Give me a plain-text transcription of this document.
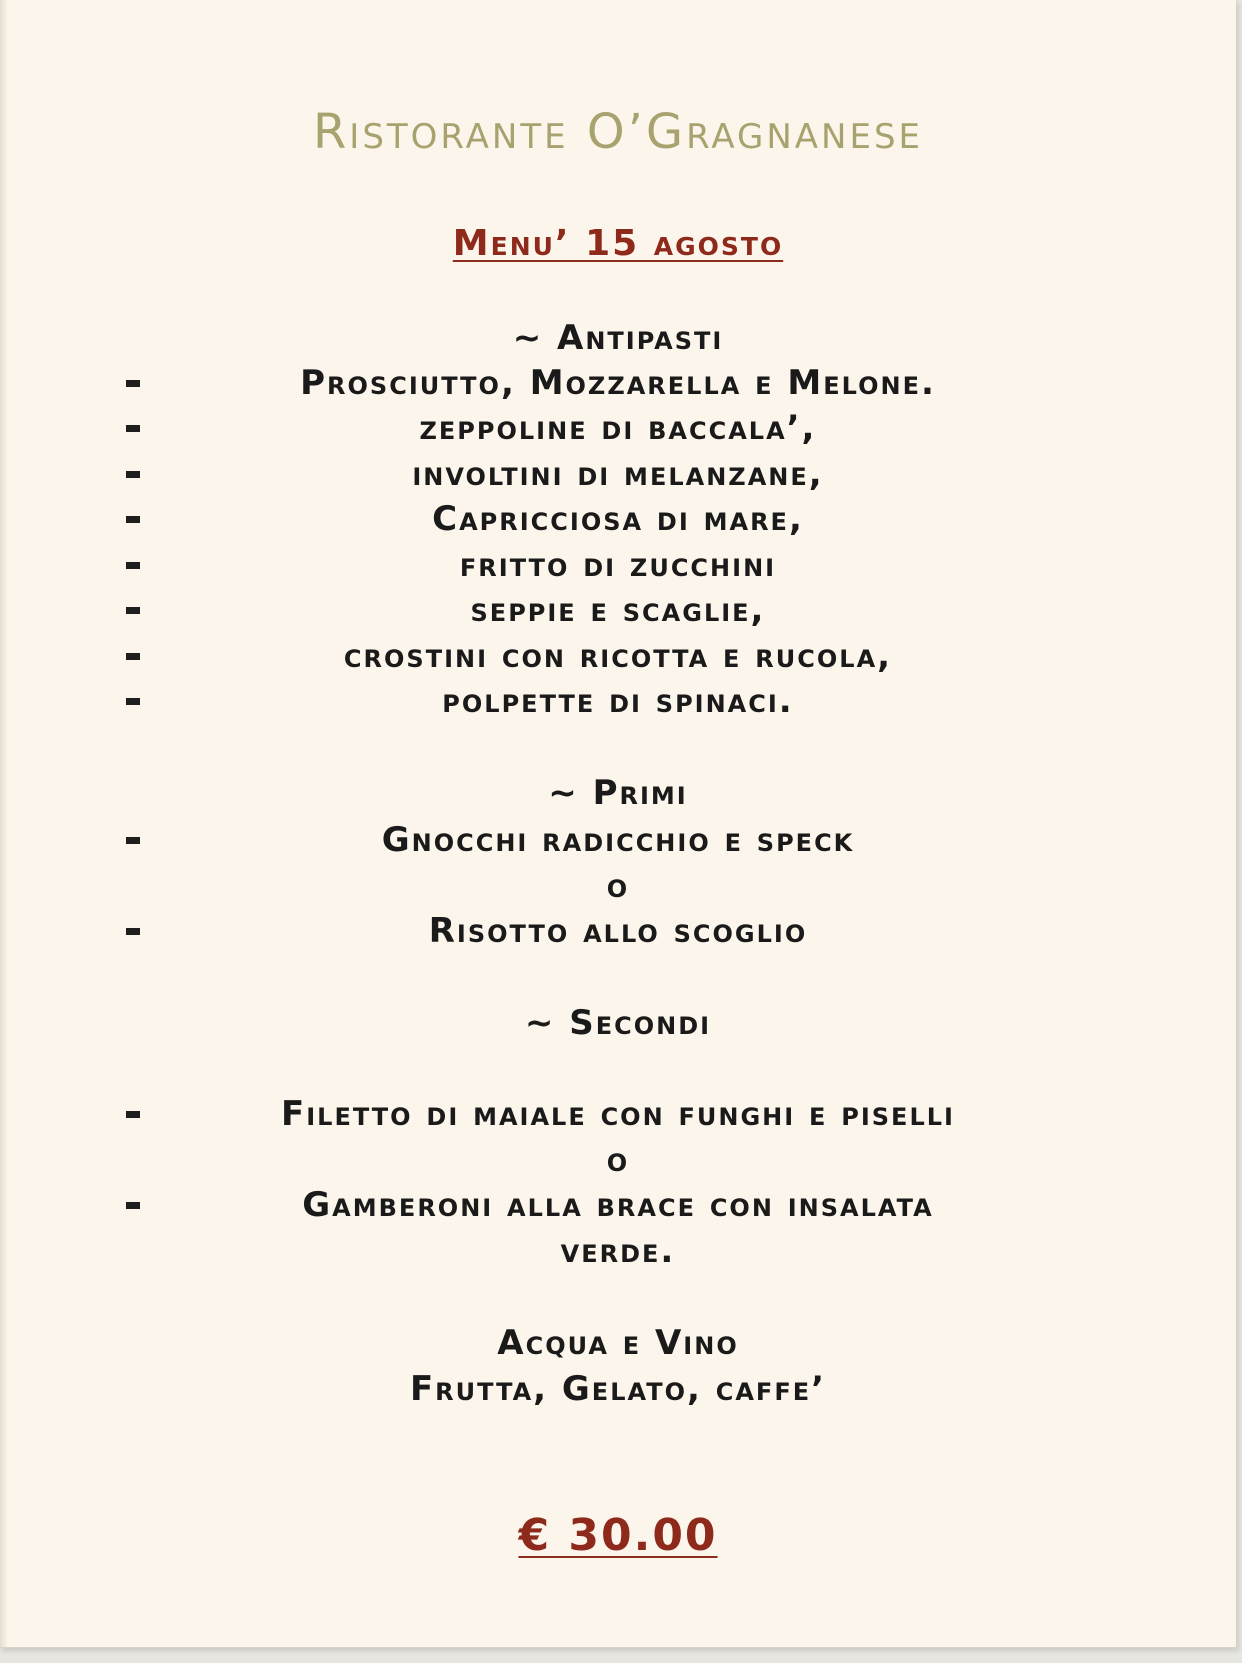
Ristorante O’Gragnanese
Menu’ 15 agosto
~ Antipasti
Prosciutto, Mozzarella e Melone.
zeppoline di baccala’,
involtini di melanzane,
Capricciosa di mare,
fritto di zucchini
seppie e scaglie,
crostini con ricotta e rucola,
polpette di spinaci.
~ Primi
Gnocchi radicchio e speck
o
Risotto allo scoglio
~ Secondi
Filetto di maiale con funghi e piselli
o
Gamberoni alla brace con insalata
verde.
Acqua e Vino
Frutta, Gelato, caffe’
€ 30.00
